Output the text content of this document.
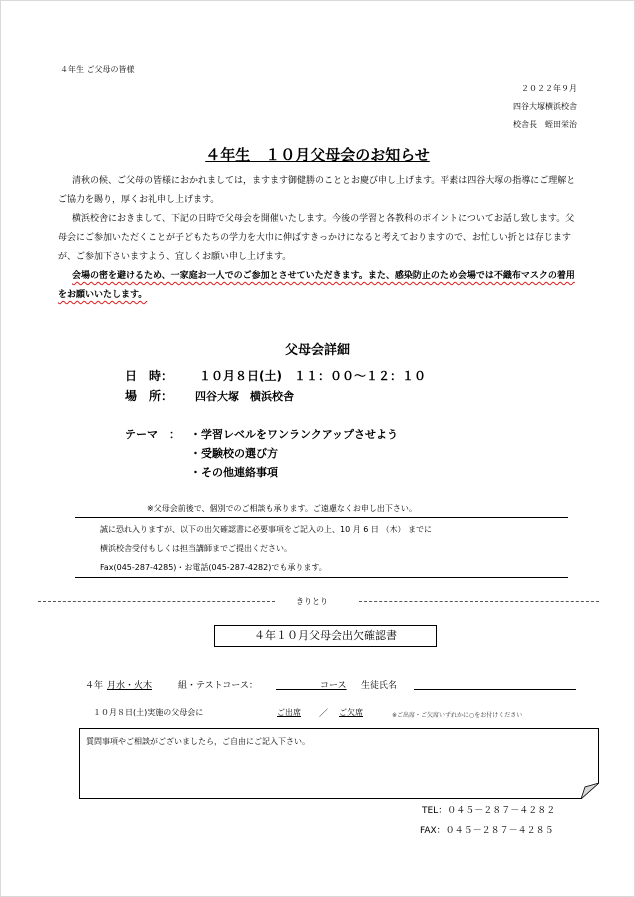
４年生 ご父母の皆様
２０２２年９月
四谷大塚横浜校舎
校舎長　蛭田栄治
４年生　１０月父母会のお知らせ
清秋の候、ご父母の皆様におかれましては，ますます御健勝のこととお慶び申し上げます。平素は四谷大塚の指導にご理解とご協力を賜り，厚くお礼申し上げます。
横浜校舎におきまして、下記の日時で父母会を開催いたします。今後の学習と各教科のポイントについてお話し致します。父母会にご参加いただくことが子どもたちの学力を大巾に伸ばすきっかけになると考えておりますので、お忙しい折とは存じますが、ご参加下さいますよう、宜しくお願い申し上げます。
会場の密を避けるため、一家庭お一人でのご参加とさせていただきます。また、感染防止のため会場では不織布マスクの着用をお願いいたします。
父母会詳細
日　時： １０月８日(土)　１１：００～１２：１０
場　所： 四谷大塚　横浜校舎
テーマ　： ・学習レベルをワンランクアップさせよう
・受験校の選び方
・その他連絡事項
※父母会前後で、個別でのご相談も承ります。ご遠慮なくお申し出下さい。
誠に恐れ入りますが、以下の出欠確認書に必要事項をご記入の上、10 月 6 日 （木） までに
横浜校舎受付もしくは担当講師までご提出ください。
Fax(045-287-4285)・お電話(045-287-4282)でも承ります。
きりとり
４年１０月父母会出欠確認書
４年 月水・火木	組・テストコース：	コース 生徒氏名
１０月８日(土)実施の父母会に	ご出席 ／ ご欠席	※ご出席・ご欠席いずれかに○をお付けください
質問事項やご相談がございましたら，ご自由にご記入下さい。
TEL：０４５－２８７－４２８２
FAX：０４５－２８７－４２８５
